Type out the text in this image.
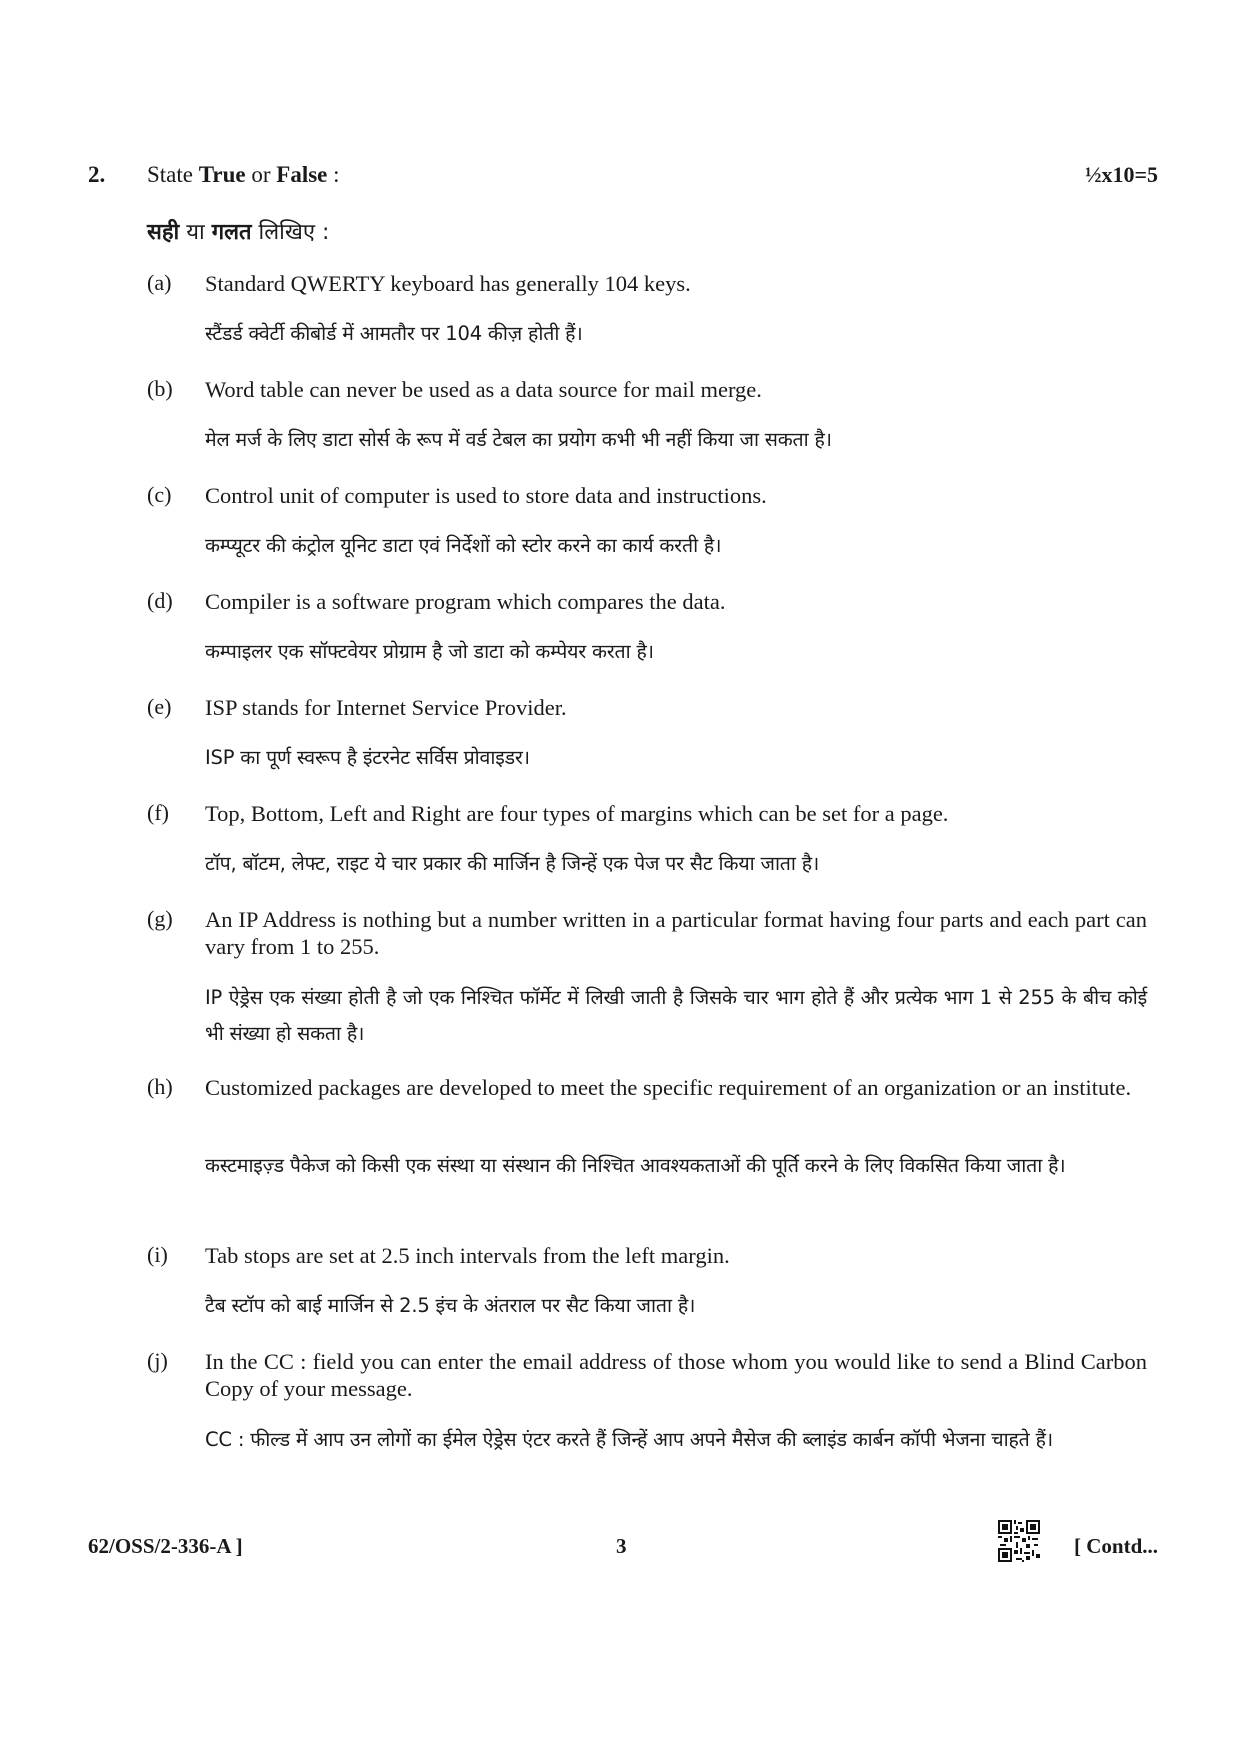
2. State True or False :	½x10=5
सही या गलत लिखिए :
(a) Standard QWERTY keyboard has generally 104 keys.
स्टैंडर्ड क्वेर्टी कीबोर्ड में आमतौर पर 104 कीज़ होती हैं।
(b) Word table can never be used as a data source for mail merge.
मेल मर्ज के लिए डाटा सोर्स के रूप में वर्ड टेबल का प्रयोग कभी भी नहीं किया जा सकता है।
(c) Control unit of computer is used to store data and instructions.
कम्प्यूटर की कंट्रोल यूनिट डाटा एवं निर्देशों को स्टोर करने का कार्य करती है।
(d) Compiler is a software program which compares the data.
कम्पाइलर एक सॉफ्टवेयर प्रोग्राम है जो डाटा को कम्पेयर करता है।
(e) ISP stands for Internet Service Provider.
ISP का पूर्ण स्वरूप है इंटरनेट सर्विस प्रोवाइडर।
(f) Top, Bottom, Left and Right are four types of margins which can be set for a page.
टॉप, बॉटम, लेफ्ट, राइट ये चार प्रकार की मार्जिन है जिन्हें एक पेज पर सैट किया जाता है।
(g) An IP Address is nothing but a number written in a particular format having four parts and each part can vary from 1 to 255.
IP ऐड्रेस एक संख्या होती है जो एक निश्चित फॉर्मेट में लिखी जाती है जिसके चार भाग होते हैं और प्रत्येक भाग 1 से 255 के बीच कोई भी संख्या हो सकता है।
(h) Customized packages are developed to meet the specific requirement of an organization or an institute.
कस्टमाइज़्ड पैकेज को किसी एक संस्था या संस्थान की निश्चित आवश्यकताओं की पूर्ति करने के लिए विकसित किया जाता है।
(i) Tab stops are set at 2.5 inch intervals from the left margin.
टैब स्टॉप को बाई मार्जिन से 2.5 इंच के अंतराल पर सैट किया जाता है।
(j) In the CC : field you can enter the email address of those whom you would like to send a Blind Carbon Copy of your message.
CC : फील्ड में आप उन लोगों का ईमेल ऐड्रेस एंटर करते हैं जिन्हें आप अपने मैसेज की ब्लाइंड कार्बन कॉपी भेजना चाहते हैं।
62/OSS/2-336-A ]	3	[ Contd...
